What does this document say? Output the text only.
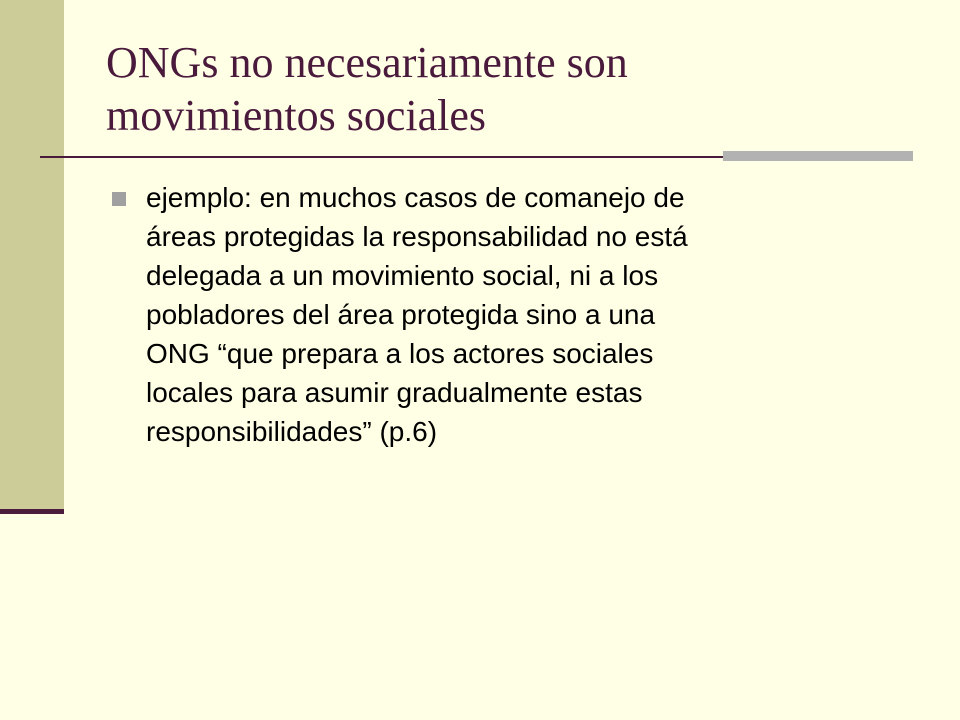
ONGs no necesariamente son
movimientos sociales
ejemplo: en muchos casos de comanejo de
áreas protegidas la responsabilidad no está
delegada a un movimiento social, ni a los
pobladores del área protegida sino a una
ONG “que prepara a los actores sociales
locales para asumir gradualmente estas
responsibilidades” (p.6)
